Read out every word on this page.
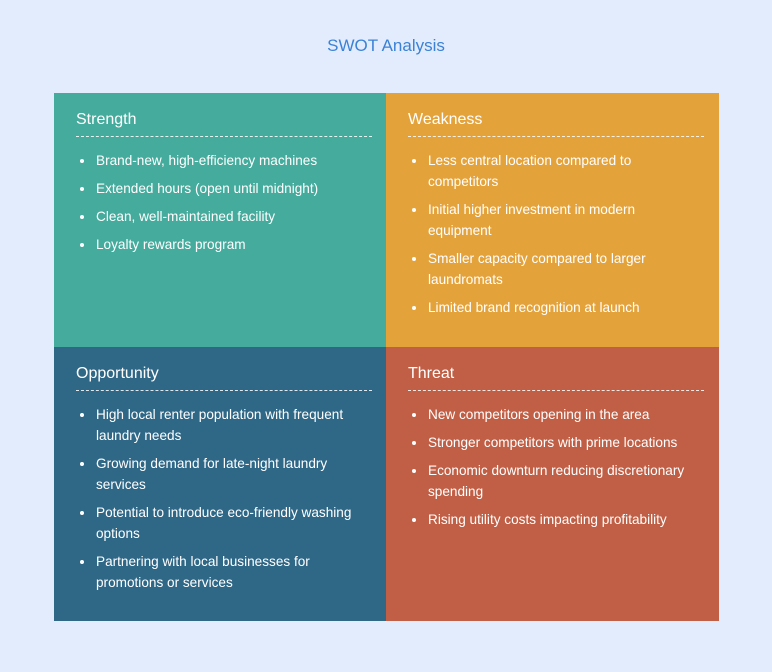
SWOT Analysis
Strength
Brand-new, high-efficiency machines
Extended hours (open until midnight)
Clean, well-maintained facility
Loyalty rewards program
Weakness
Less central location compared to competitors
Initial higher investment in modern equipment
Smaller capacity compared to larger laundromats
Limited brand recognition at launch
Opportunity
High local renter population with frequent laundry needs
Growing demand for late-night laundry services
Potential to introduce eco-friendly washing options
Partnering with local businesses for promotions or services
Threat
New competitors opening in the area
Stronger competitors with prime locations
Economic downturn reducing discretionary spending
Rising utility costs impacting profitability
